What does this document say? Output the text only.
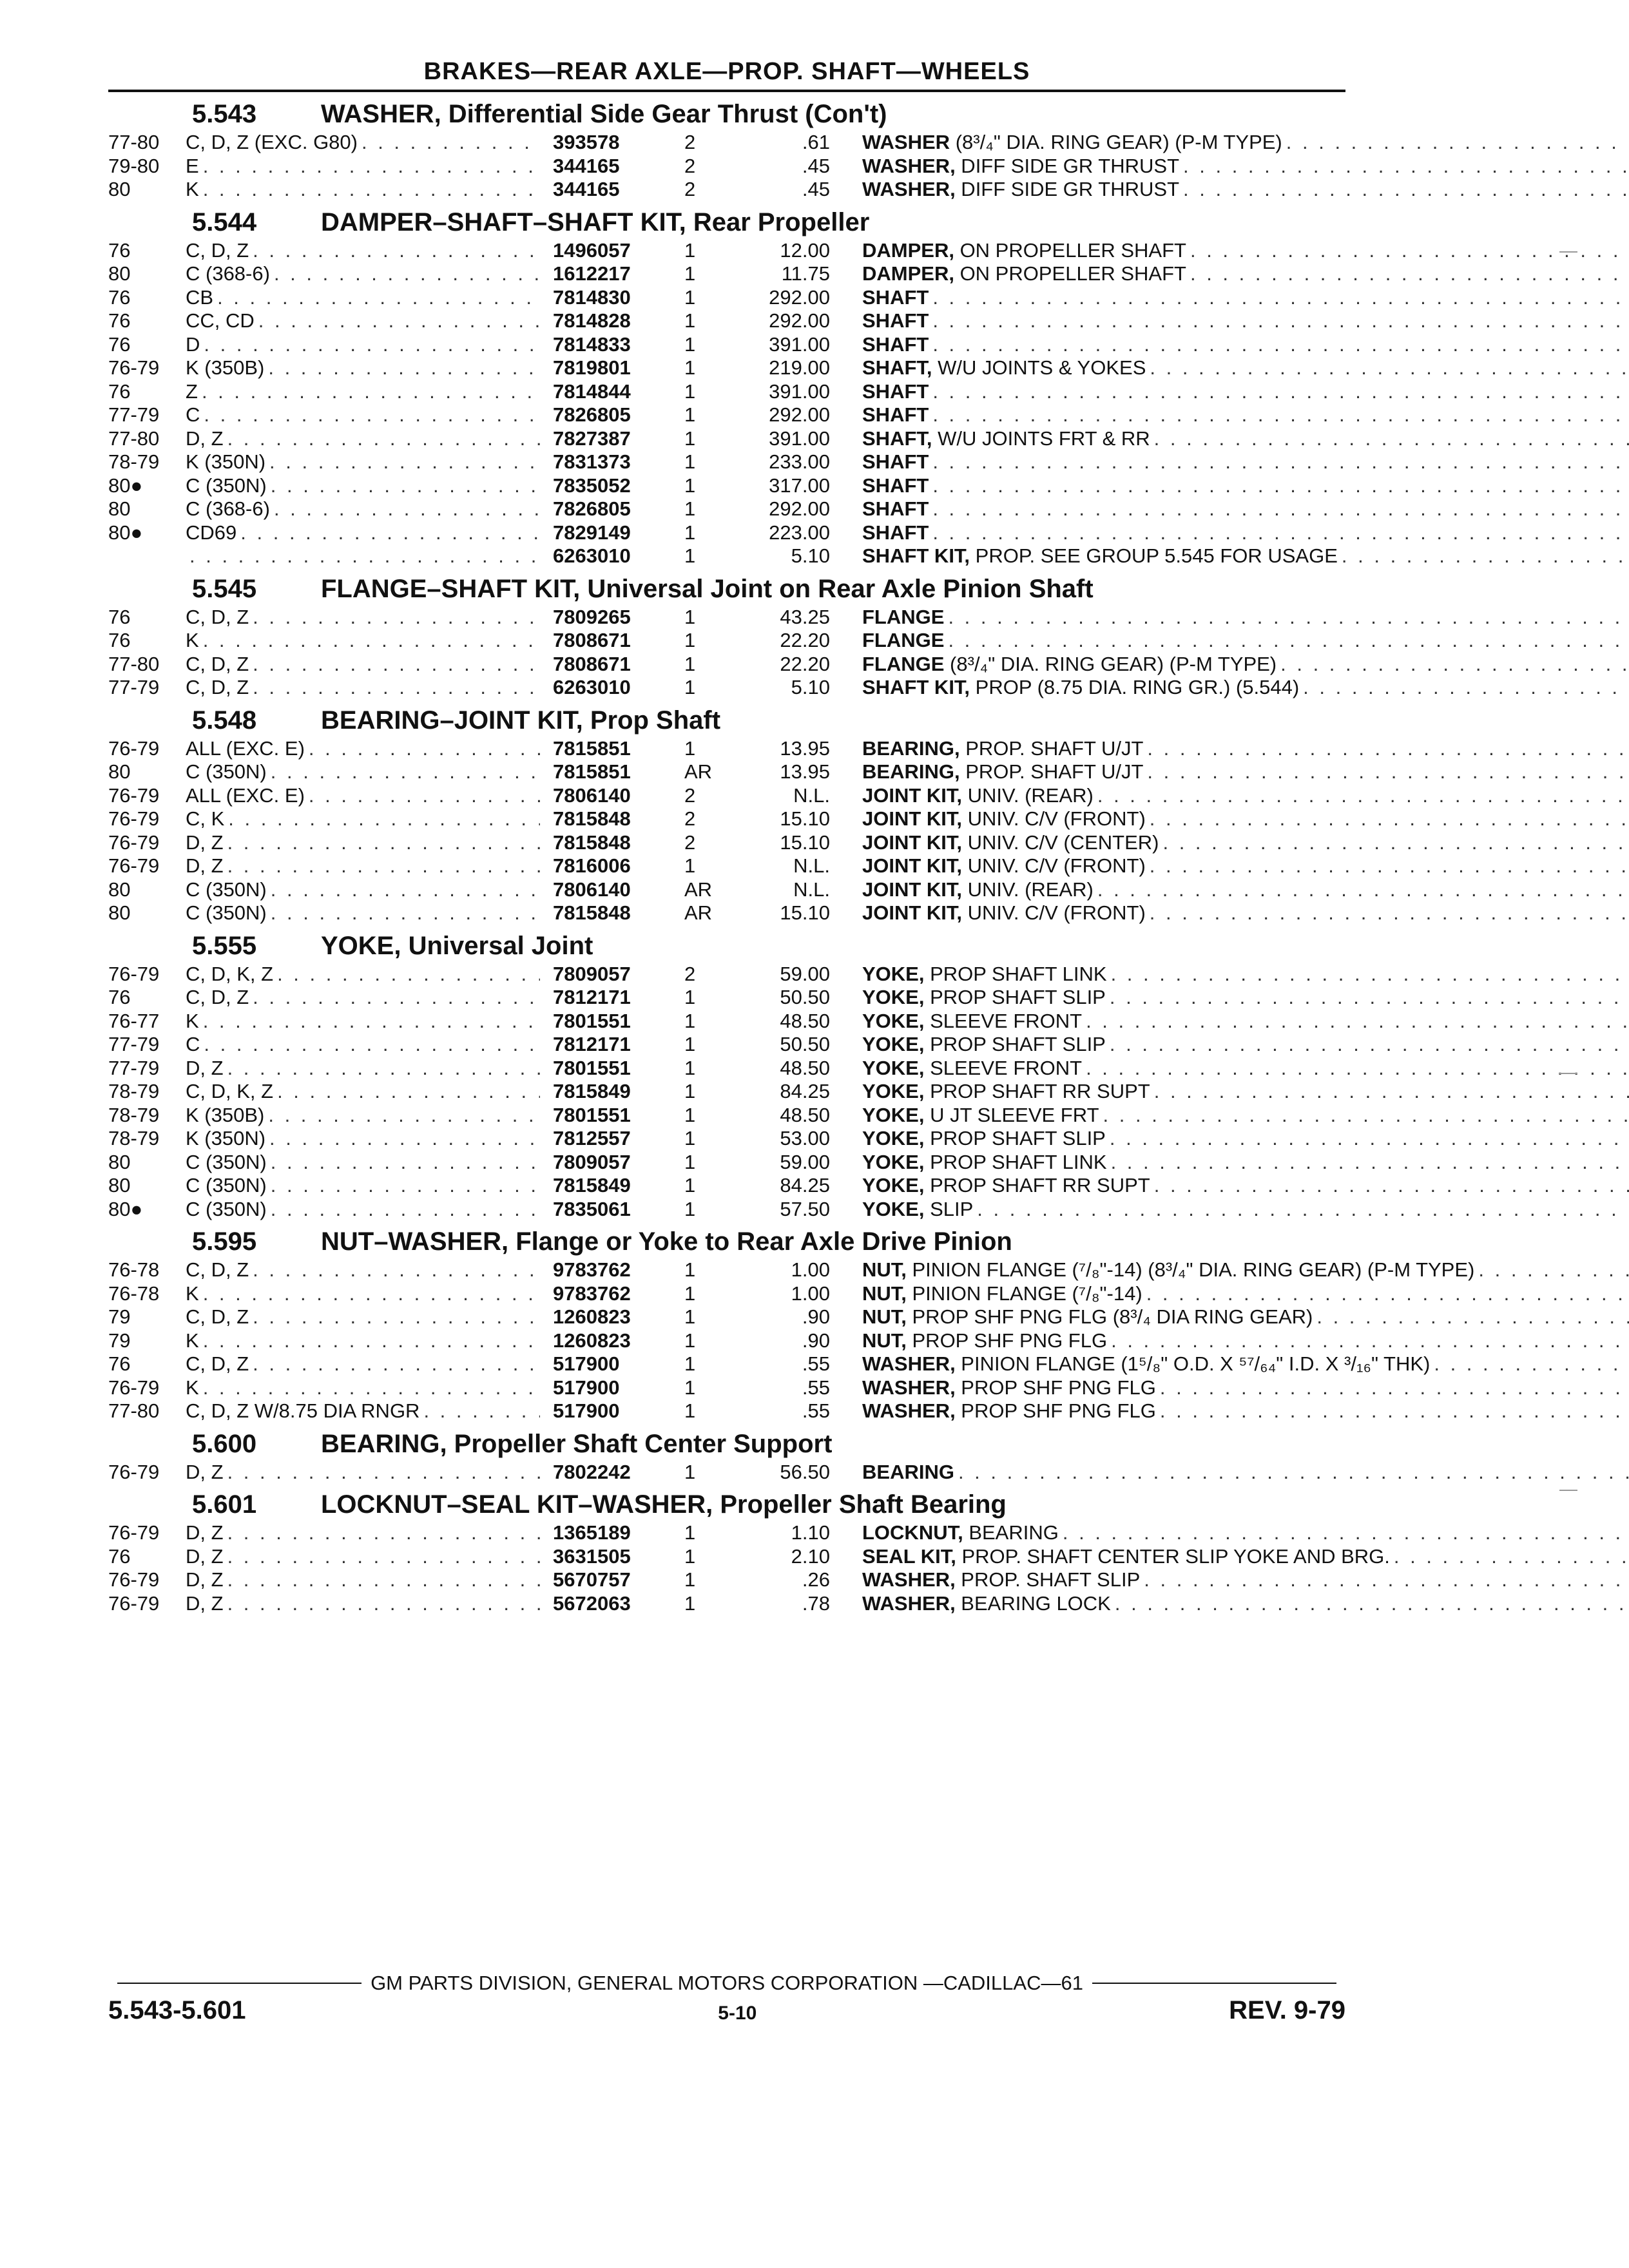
BRAKES—REAR AXLE—PROP. SHAFT—WHEELS
5.543 WASHER, Differential Side Gear Thrust (Con't)
77-80	C, D, Z (EXC. G80) . . .	393578	2	.61 WASHER (8³/₄" DIA. RING GEAR) (P-M TYPE)
. . .
79-80	E . . .	344165	2	.45 WASHER, DIFF SIDE GR THRUST
. . .
80	K . . .	344165	2	.45 WASHER, DIFF SIDE GR THRUST
. . .
5.544 DAMPER–SHAFT–SHAFT KIT, Rear Propeller
76	C, D, Z . . .	1496057	1	12.00 DAMPER, ON PROPELLER SHAFT
. . .
80	C (368-6) . . .	1612217	1	11.75 DAMPER, ON PROPELLER SHAFT
. . .
76	CB . . .	7814830	1	292.00 SHAFT
. . .
76	CC, CD . . .	7814828	1	292.00 SHAFT
. . .
76	D . . .	7814833	1	391.00 SHAFT
. . .
76-79	K (350B) . . .	7819801	1	219.00 SHAFT, W/U JOINTS & YOKES
. . .
76	Z . . .	7814844	1	391.00 SHAFT
. . .
77-79	C . . .	7826805	1	292.00 SHAFT
. . .
77-80	D, Z . . .	7827387	1	391.00 SHAFT, W/U JOINTS FRT & RR
. . .
78-79	K (350N) . . .	7831373	1	233.00 SHAFT
. . .
80●	C (350N) . . .	7835052	1	317.00 SHAFT
. . .
80	C (368-6) . . .	7826805	1	292.00 SHAFT
. . .
80●	CD69 . . .	7829149	1	223.00 SHAFT
. . .
. . .
6263010	1	5.10 SHAFT KIT, PROP. SEE GROUP 5.545 FOR USAGE
. . .
5.545 FLANGE–SHAFT KIT, Universal Joint on Rear Axle Pinion Shaft
76	C, D, Z . . .	7809265	1	43.25 FLANGE
. . .
76	K . . .	7808671	1	22.20 FLANGE
. . .
77-80	C, D, Z . . .	7808671	1	22.20 FLANGE (8³/₄" DIA. RING GEAR) (P-M TYPE)
. . .
77-79	C, D, Z . . .	6263010	1	5.10 SHAFT KIT, PROP (8.75 DIA. RING GR.) (5.544)
. . .
5.548 BEARING–JOINT KIT, Prop Shaft
76-79	ALL (EXC. E) . . .	7815851	1	13.95 BEARING, PROP. SHAFT U/JT
. . .
80	C (350N) . . .	7815851	AR	13.95 BEARING, PROP. SHAFT U/JT
. . .
76-79	ALL (EXC. E) . . .	7806140	2	N.L. JOINT KIT, UNIV. (REAR)
. . .
76-79	C, K . . .	7815848	2	15.10 JOINT KIT, UNIV. C/V (FRONT)
. . .
76-79	D, Z . . .	7815848	2	15.10 JOINT KIT, UNIV. C/V (CENTER)
. . .
76-79	D, Z . . .	7816006	1	N.L. JOINT KIT, UNIV. C/V (FRONT)
. . .
80	C (350N) . . .	7806140	AR	N.L. JOINT KIT, UNIV. (REAR)
. . .
80	C (350N) . . .	7815848	AR	15.10 JOINT KIT, UNIV. C/V (FRONT)
. . .
5.555 YOKE, Universal Joint
76-79	C, D, K, Z . . .	7809057	2	59.00 YOKE, PROP SHAFT LINK
. . .
76	C, D, Z . . .	7812171	1	50.50 YOKE, PROP SHAFT SLIP
. . .
76-77	K . . .	7801551	1	48.50 YOKE, SLEEVE FRONT
. . .
77-79	C . . .	7812171	1	50.50 YOKE, PROP SHAFT SLIP
. . .
77-79	D, Z . . .	7801551	1	48.50 YOKE, SLEEVE FRONT
. . .
78-79	C, D, K, Z . . .	7815849	1	84.25 YOKE, PROP SHAFT RR SUPT
. . .
78-79	K (350B) . . .	7801551	1	48.50 YOKE, U JT SLEEVE FRT
. . .
78-79	K (350N) . . .	7812557	1	53.00 YOKE, PROP SHAFT SLIP
. . .
80	C (350N) . . .	7809057	1	59.00 YOKE, PROP SHAFT LINK
. . .
80	C (350N) . . .	7815849	1	84.25 YOKE, PROP SHAFT RR SUPT
. . .
80●	C (350N) . . .	7835061	1	57.50 YOKE, SLIP
. . .
5.595 NUT–WASHER, Flange or Yoke to Rear Axle Drive Pinion
76-78	C, D, Z . . .	9783762	1	1.00 NUT, PINION FLANGE (⁷/₈"-14) (8³/₄" DIA. RING GEAR) (P-M TYPE)
. . .
76-78	K . . .	9783762	1	1.00 NUT, PINION FLANGE (⁷/₈"-14)
. . .
79	C, D, Z . . .	1260823	1	.90 NUT, PROP SHF PNG FLG (8³/₄ DIA RING GEAR)
. . .
79	K . . .	1260823	1	.90 NUT, PROP SHF PNG FLG
. . .
76	C, D, Z . . .	517900	1	.55 WASHER, PINION FLANGE (1⁵/₈" O.D. X ⁵⁷/₆₄" I.D. X ³/₁₆" THK)
. . .
76-79	K . . .	517900	1	.55 WASHER, PROP SHF PNG FLG
. . .
77-80	C, D, Z W/8.75 DIA RNGR . . .	517900	1	.55 WASHER, PROP SHF PNG FLG
. . .
5.600 BEARING, Propeller Shaft Center Support
76-79	D, Z . . .	7802242	1	56.50 BEARING
. . .
5.601 LOCKNUT–SEAL KIT–WASHER, Propeller Shaft Bearing
76-79	D, Z . . .	1365189	1	1.10 LOCKNUT, BEARING
. . .
76	D, Z . . .	3631505	1	2.10 SEAL KIT, PROP. SHAFT CENTER SLIP YOKE AND BRG.
. . .
76-79	D, Z . . .	5670757	1	.26 WASHER, PROP. SHAFT SLIP
. . .
76-79	D, Z . . .	5672063	1	.78 WASHER, BEARING LOCK
. . .
GM PARTS DIVISION, GENERAL MOTORS CORPORATION —CADILLAC—61
5.543-5.601	5-10	REV. 9-79
